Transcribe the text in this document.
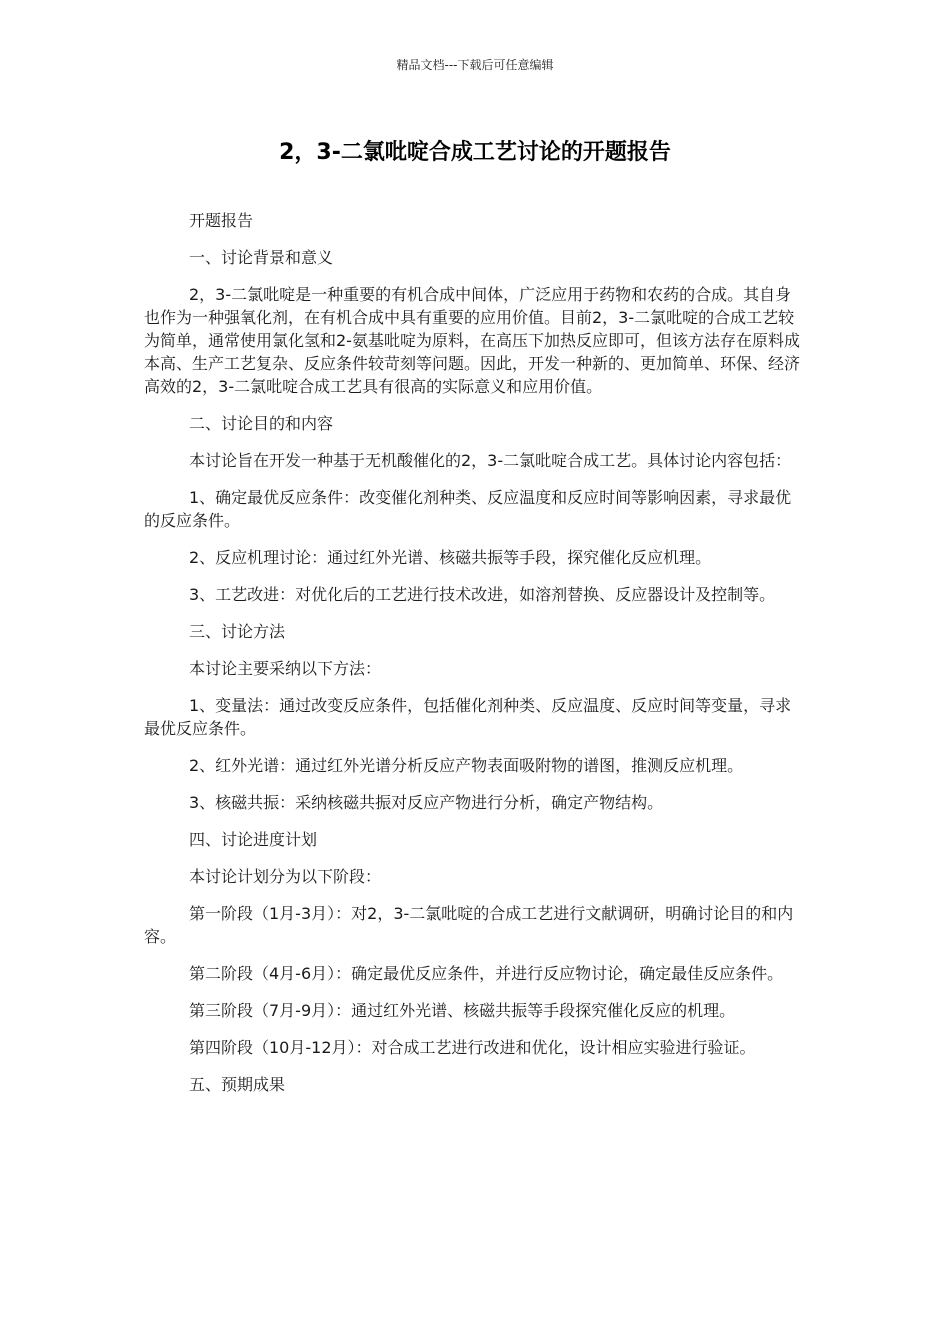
精品文档---下载后可任意编辑
2，3-二氯吡啶合成工艺讨论的开题报告

开题报告

一、讨论背景和意义

2，3-二氯吡啶是一种重要的有机合成中间体，广泛应用于药物和农药的合成。其自身也作为一种强氧化剂，在有机合成中具有重要的应用价值。目前2，3-二氯吡啶的合成工艺较为简单，通常使用氯化氢和2-氨基吡啶为原料，在高压下加热反应即可，但该方法存在原料成本高、生产工艺复杂、反应条件较苛刻等问题。因此，开发一种新的、更加简单、环保、经济高效的2，3-二氯吡啶合成工艺具有很高的实际意义和应用价值。

二、讨论目的和内容

本讨论旨在开发一种基于无机酸催化的2，3-二氯吡啶合成工艺。具体讨论内容包括：

1、确定最优反应条件：改变催化剂种类、反应温度和反应时间等影响因素，寻求最优的反应条件。

2、反应机理讨论：通过红外光谱、核磁共振等手段，探究催化反应机理。

3、工艺改进：对优化后的工艺进行技术改进，如溶剂替换、反应器设计及控制等。

三、讨论方法

本讨论主要采纳以下方法：

1、变量法：通过改变反应条件，包括催化剂种类、反应温度、反应时间等变量，寻求最优反应条件。

2、红外光谱：通过红外光谱分析反应产物表面吸附物的谱图，推测反应机理。

3、核磁共振：采纳核磁共振对反应产物进行分析，确定产物结构。

四、讨论进度计划

本讨论计划分为以下阶段：

第一阶段（1月-3月）：对2，3-二氯吡啶的合成工艺进行文献调研，明确讨论目的和内容。

第二阶段（4月-6月）：确定最优反应条件，并进行反应物讨论，确定最佳反应条件。

第三阶段（7月-9月）：通过红外光谱、核磁共振等手段探究催化反应的机理。

第四阶段（10月-12月）：对合成工艺进行改进和优化，设计相应实验进行验证。

五、预期成果
